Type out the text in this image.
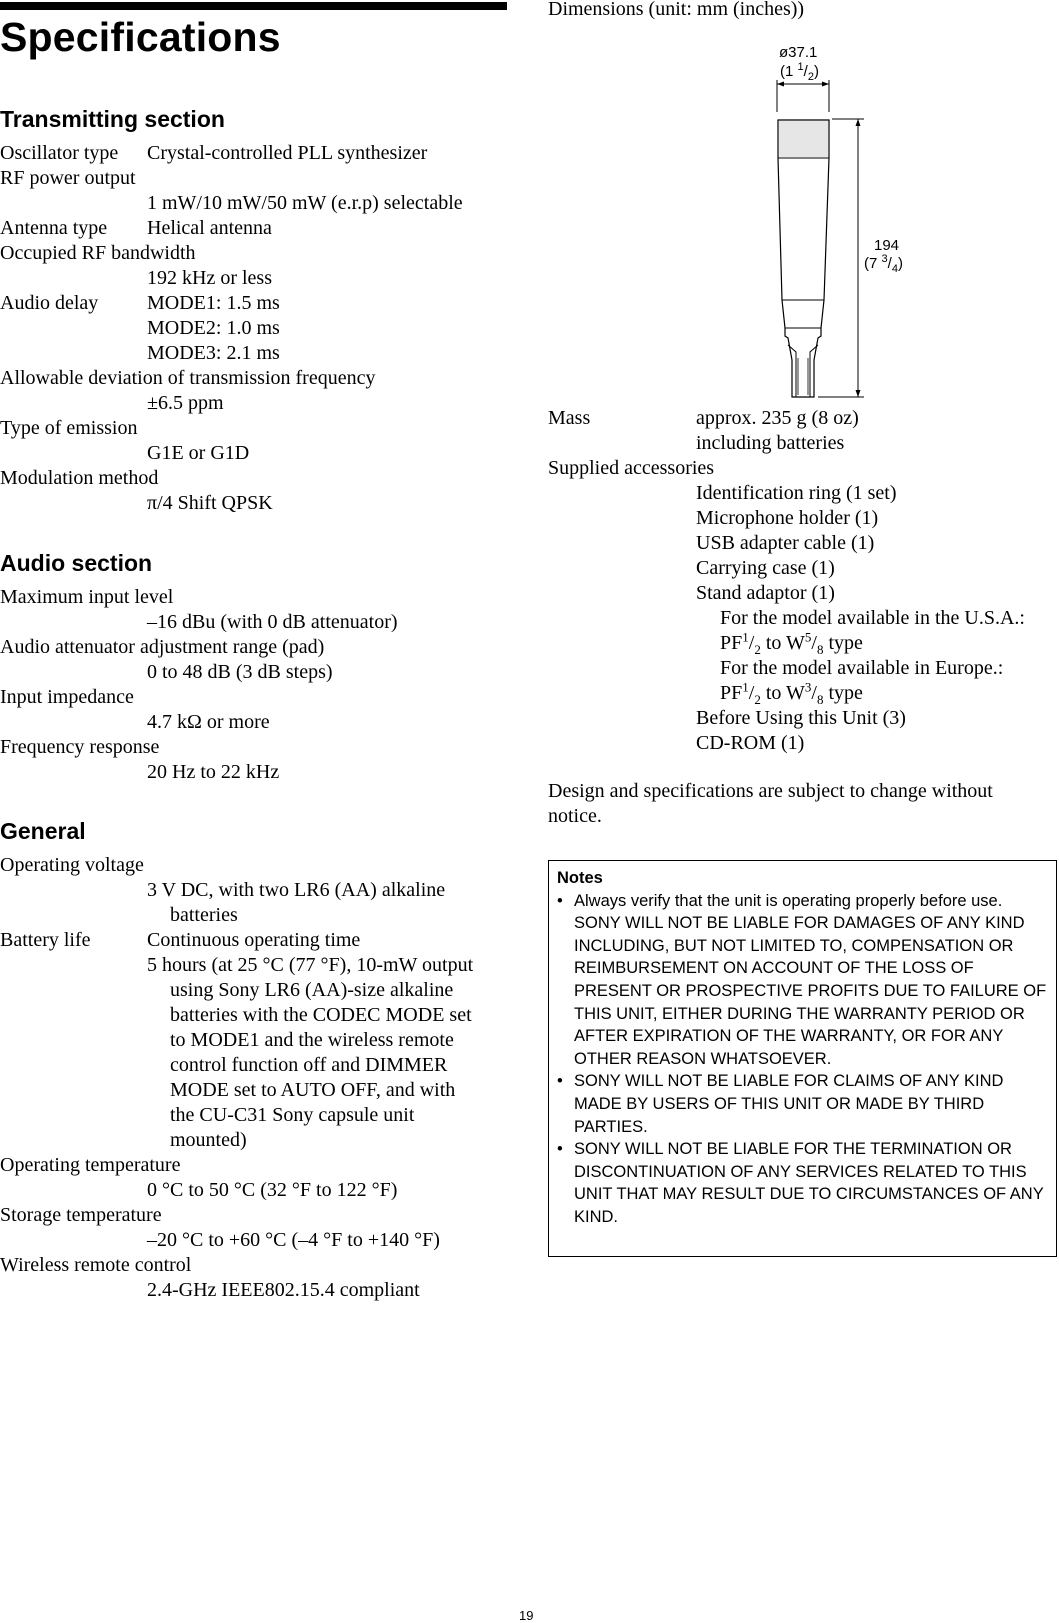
Specifications
Transmitting section
Oscillator type Crystal-controlled PLL synthesizer
RF power output
1 mW/10 mW/50 mW (e.r.p) selectable
Antenna type Helical antenna
Occupied RF bandwidth
192 kHz or less
Audio delay MODE1: 1.5 ms
MODE2: 1.0 ms
MODE3: 2.1 ms
Allowable deviation of transmission frequency
±6.5 ppm
Type of emission
G1E or G1D
Modulation method
π/4 Shift QPSK
Audio section
Maximum input level
–16 dBu (with 0 dB attenuator)
Audio attenuator adjustment range (pad)
0 to 48 dB (3 dB steps)
Input impedance
4.7 kΩ or more
Frequency response
20 Hz to 22 kHz
General
Operating voltage
3 V DC, with two LR6 (AA) alkaline
batteries
Battery life	Continuous operating time
5 hours (at 25 °C (77 °F), 10-mW output
using Sony LR6 (AA)-size alkaline
batteries with the CODEC MODE set
to MODE1 and the wireless remote
control function off and DIMMER
MODE set to AUTO OFF, and with
the CU-C31 Sony capsule unit
mounted)
Operating temperature
0 °C to 50 °C (32 °F to 122 °F)
Storage temperature
–20 °C to +60 °C (–4 °F to +140 °F)
Wireless remote control
2.4-GHz IEEE802.15.4 compliant
Dimensions (unit: mm (inches))
ø37.1
(1 $^1/_2$)
194
(7 $^3/_4$)
Mass	approx. 235 g (8 oz)
including batteries
Supplied accessories
Identification ring (1 set)
Microphone holder (1)
USB adapter cable (1)
Carrying case (1)
Stand adaptor (1)
For the model available in the U.S.A.:
$PF^1/_2$ to $W^5/_8$ type
For the model available in Europe.:
$PF^1/_2$ to $W^3/_8$ type
Before Using this Unit (3)
CD-ROM (1)
Design and specifications are subject to change without notice.
Notes
• Always verify that the unit is operating properly before use. SONY WILL NOT BE LIABLE FOR DAMAGES OF ANY KIND INCLUDING, BUT NOT LIMITED TO, COMPENSATION OR REIMBURSEMENT ON ACCOUNT OF THE LOSS OF PRESENT OR PROSPECTIVE PROFITS DUE TO FAILURE OF THIS UNIT, EITHER DURING THE WARRANTY PERIOD OR AFTER EXPIRATION OF THE WARRANTY, OR FOR ANY OTHER REASON WHATSOEVER.
• SONY WILL NOT BE LIABLE FOR CLAIMS OF ANY KIND MADE BY USERS OF THIS UNIT OR MADE BY THIRD PARTIES.
• SONY WILL NOT BE LIABLE FOR THE TERMINATION OR DISCONTINUATION OF ANY SERVICES RELATED TO THIS UNIT THAT MAY RESULT DUE TO CIRCUMSTANCES OF ANY KIND.
19
